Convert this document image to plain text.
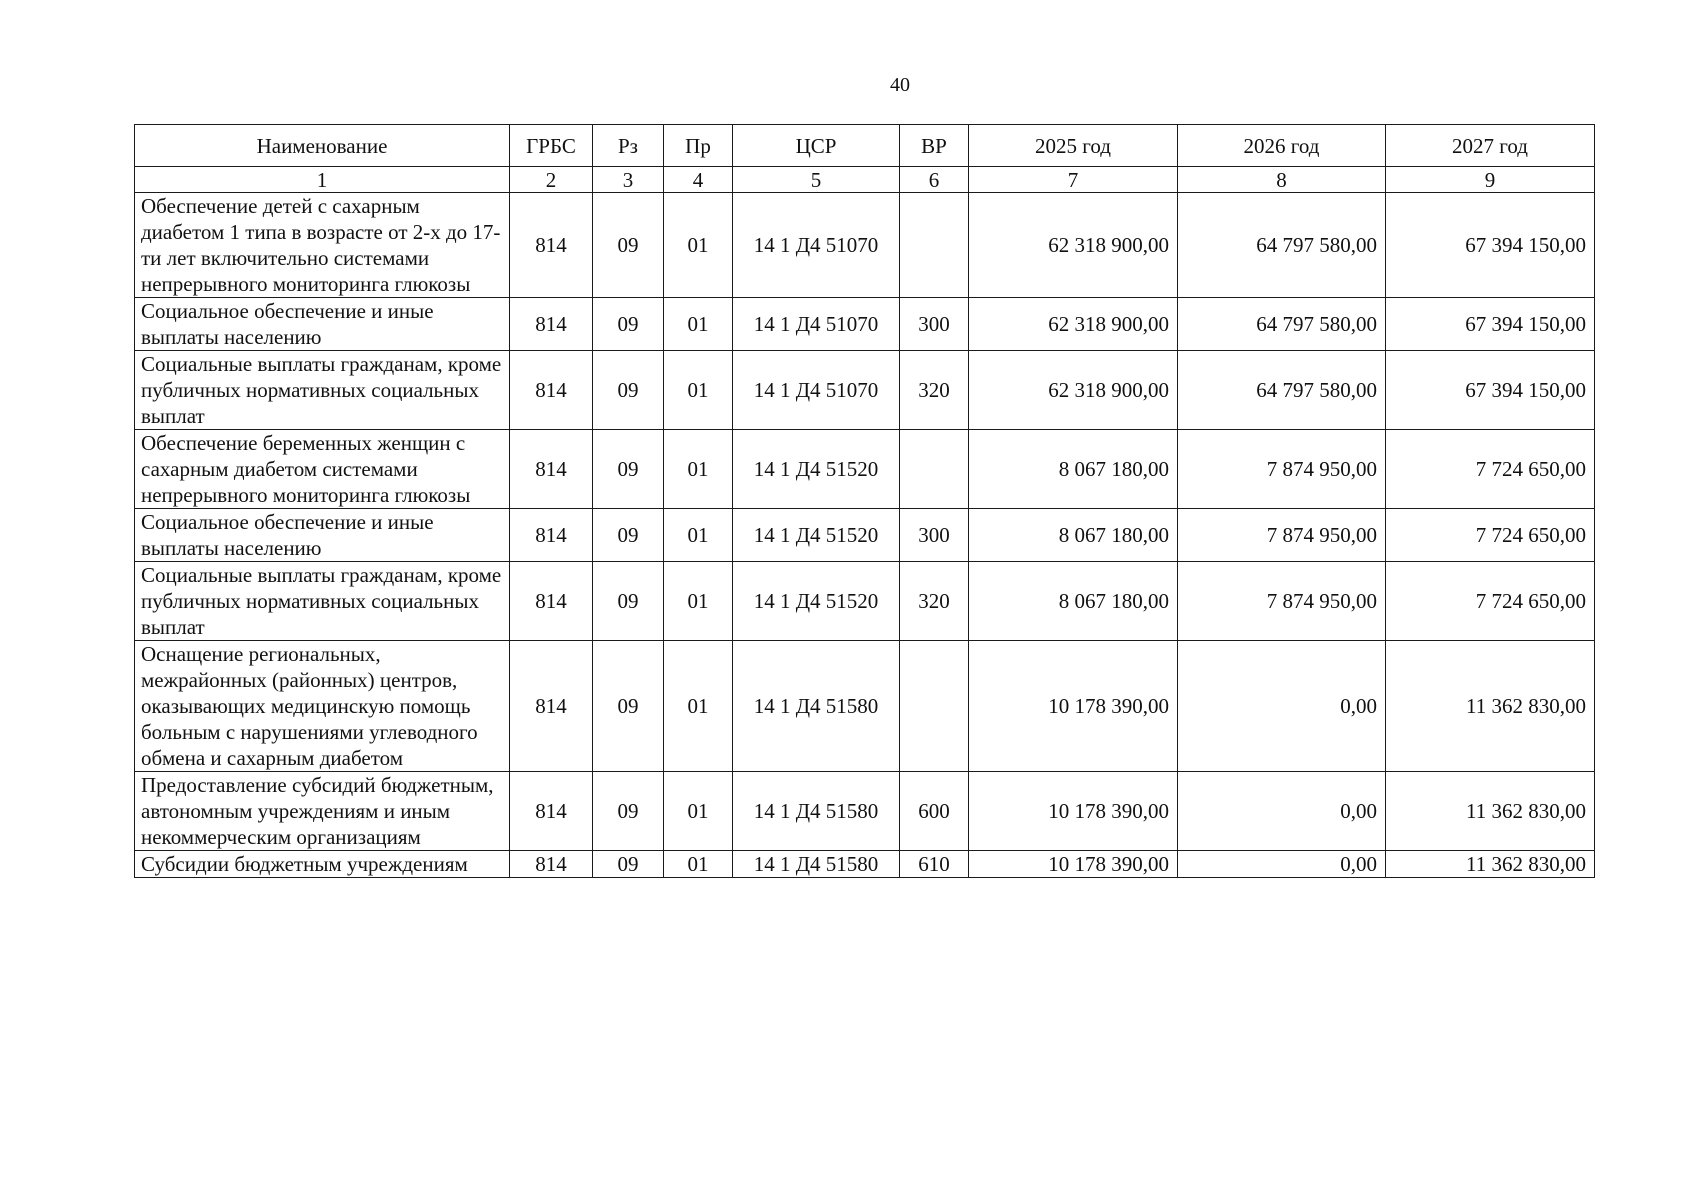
40
Наименование	ГРБС	Рз	Пр	ЦСР	ВР	2025 год	2026 год	2027 год
1	2	3	4	5	6	7	8	9
Обеспечение детей с сахарным диабетом 1 типа в возрасте от 2-х до 17-ти лет включительно системами непрерывного мониторинга глюкозы	814	09	01	14 1 Д4 51070		62 318 900,00	64 797 580,00	67 394 150,00
Социальное обеспечение и иные выплаты населению	814	09	01	14 1 Д4 51070	300	62 318 900,00	64 797 580,00	67 394 150,00
Социальные выплаты гражданам, кроме публичных нормативных социальных выплат	814	09	01	14 1 Д4 51070	320	62 318 900,00	64 797 580,00	67 394 150,00
Обеспечение беременных женщин с сахарным диабетом системами непрерывного мониторинга глюкозы	814	09	01	14 1 Д4 51520		8 067 180,00	7 874 950,00	7 724 650,00
Социальное обеспечение и иные выплаты населению	814	09	01	14 1 Д4 51520	300	8 067 180,00	7 874 950,00	7 724 650,00
Социальные выплаты гражданам, кроме публичных нормативных социальных выплат	814	09	01	14 1 Д4 51520	320	8 067 180,00	7 874 950,00	7 724 650,00
Оснащение региональных, межрайонных (районных) центров, оказывающих медицинскую помощь больным с нарушениями углеводного обмена и сахарным диабетом	814	09	01	14 1 Д4 51580		10 178 390,00	0,00	11 362 830,00
Предоставление субсидий бюджетным, автономным учреждениям и иным некоммерческим организациям	814	09	01	14 1 Д4 51580	600	10 178 390,00	0,00	11 362 830,00
Субсидии бюджетным учреждениям	814	09	01	14 1 Д4 51580	610	10 178 390,00	0,00	11 362 830,00
